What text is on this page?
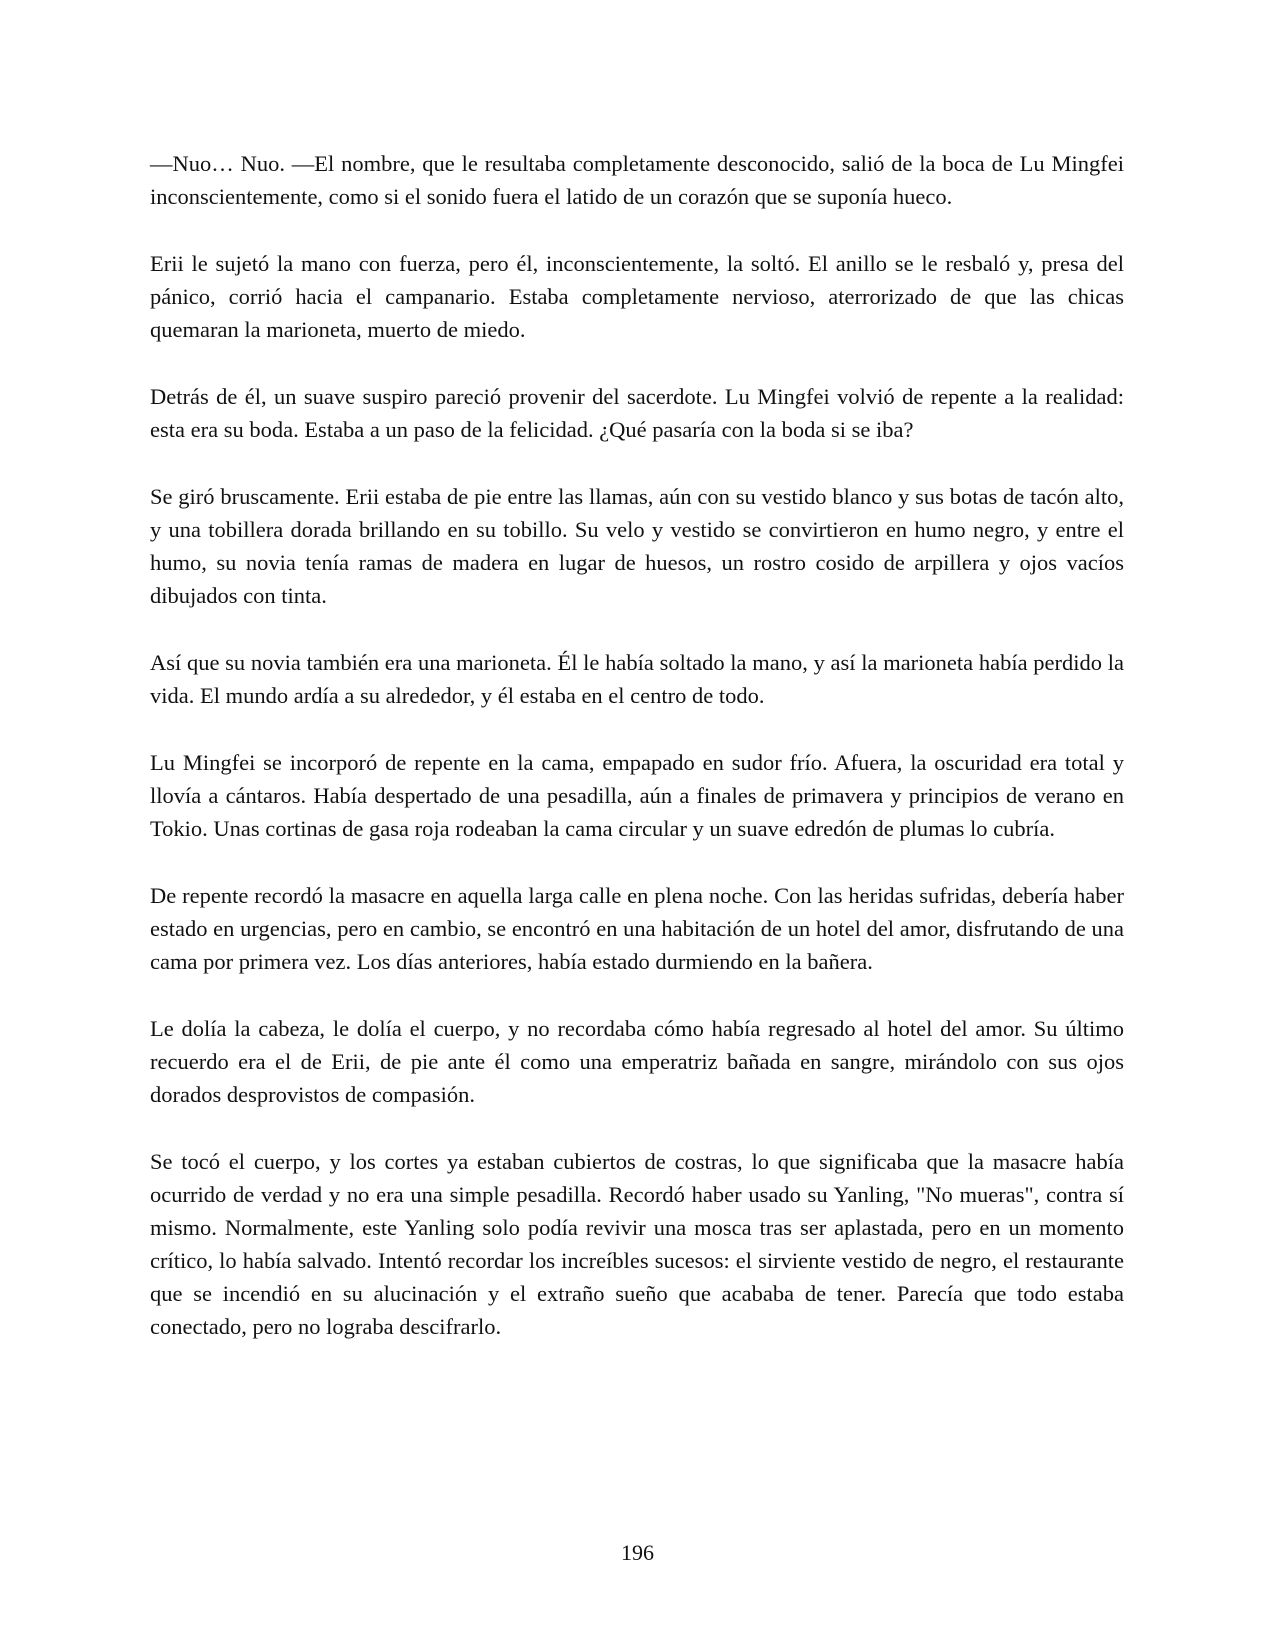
—Nuo… Nuo. —El nombre, que le resultaba completamente desconocido, salió de la boca de Lu Mingfei inconscientemente, como si el sonido fuera el latido de un corazón que se suponía hueco.

Erii le sujetó la mano con fuerza, pero él, inconscientemente, la soltó. El anillo se le resbaló y, presa del pánico, corrió hacia el campanario. Estaba completamente nervioso, aterrorizado de que las chicas quemaran la marioneta, muerto de miedo.

Detrás de él, un suave suspiro pareció provenir del sacerdote. Lu Mingfei volvió de repente a la realidad: esta era su boda. Estaba a un paso de la felicidad. ¿Qué pasaría con la boda si se iba?

Se giró bruscamente. Erii estaba de pie entre las llamas, aún con su vestido blanco y sus botas de tacón alto, y una tobillera dorada brillando en su tobillo. Su velo y vestido se convirtieron en humo negro, y entre el humo, su novia tenía ramas de madera en lugar de huesos, un rostro cosido de arpillera y ojos vacíos dibujados con tinta.

Así que su novia también era una marioneta. Él le había soltado la mano, y así la marioneta había perdido la vida. El mundo ardía a su alrededor, y él estaba en el centro de todo.

Lu Mingfei se incorporó de repente en la cama, empapado en sudor frío. Afuera, la oscuridad era total y llovía a cántaros. Había despertado de una pesadilla, aún a finales de primavera y principios de verano en Tokio. Unas cortinas de gasa roja rodeaban la cama circular y un suave edredón de plumas lo cubría.

De repente recordó la masacre en aquella larga calle en plena noche. Con las heridas sufridas, debería haber estado en urgencias, pero en cambio, se encontró en una habitación de un hotel del amor, disfrutando de una cama por primera vez. Los días anteriores, había estado durmiendo en la bañera.

Le dolía la cabeza, le dolía el cuerpo, y no recordaba cómo había regresado al hotel del amor. Su último recuerdo era el de Erii, de pie ante él como una emperatriz bañada en sangre, mirándolo con sus ojos dorados desprovistos de compasión.

Se tocó el cuerpo, y los cortes ya estaban cubiertos de costras, lo que significaba que la masacre había ocurrido de verdad y no era una simple pesadilla. Recordó haber usado su Yanling, "No mueras", contra sí mismo. Normalmente, este Yanling solo podía revivir una mosca tras ser aplastada, pero en un momento crítico, lo había salvado. Intentó recordar los increíbles sucesos: el sirviente vestido de negro, el restaurante que se incendió en su alucinación y el extraño sueño que acababa de tener. Parecía que todo estaba conectado, pero no lograba descifrarlo.

196
